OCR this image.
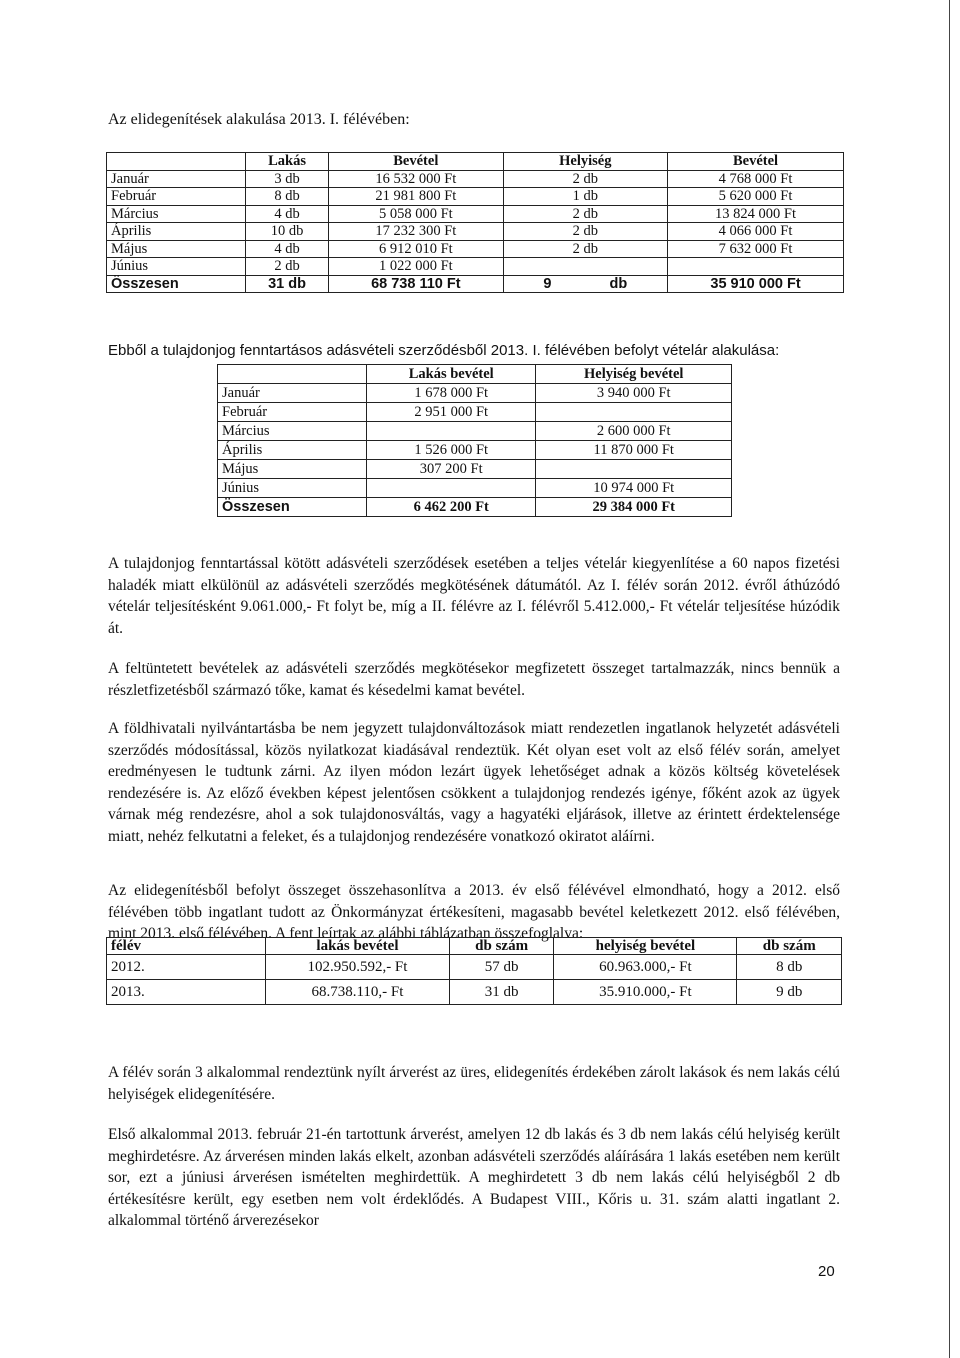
Az elidegenítések alakulása 2013. I. félévében:
	Lakás	Bevétel	Helyiség	Bevétel
Január	3 db	16 532 000 Ft	2 db	4 768 000 Ft
Február	8 db	21 981 800 Ft	1 db	5 620 000 Ft
Március	4 db	5 058 000 Ft	2 db	13 824 000 Ft
Április	10 db	17 232 300 Ft	2 db	4 066 000 Ft
Május	4 db	6 912 010 Ft	2 db	7 632 000 Ft
Június	2 db	1 022 000 Ft		
Összesen	31 db	68 738 110 Ft	9 db	35 910 000 Ft
Ebből a tulajdonjog fenntartásos adásvételi szerződésből 2013. I. félévében befolyt vételár alakulása:
	Lakás bevétel	Helyiség bevétel
Január	1 678 000 Ft	3 940 000 Ft
Február	2 951 000 Ft	
Március		2 600 000 Ft
Április	1 526 000 Ft	11 870 000 Ft
Május	307 200 Ft	
Június		10 974 000 Ft
Összesen	6 462 200 Ft	29 384 000 Ft
A tulajdonjog fenntartással kötött adásvételi szerződések esetében a teljes vételár kiegyenlítése a 60 napos fizetési haladék miatt elkülönül az adásvételi szerződés megkötésének dátumától. Az I. félév során 2012. évről áthúzódó vételár teljesítésként 9.061.000,- Ft folyt be, míg a II. félévre az I. félévről 5.412.000,- Ft vételár teljesítése húzódik át.
A feltüntetett bevételek az adásvételi szerződés megkötésekor megfizetett összeget tartalmazzák, nincs bennük a részletfizetésből származó tőke, kamat és késedelmi kamat bevétel.
A földhivatali nyilvántartásba be nem jegyzett tulajdonváltozások miatt rendezetlen ingatlanok helyzetét adásvételi szerződés módosítással, közös nyilatkozat kiadásával rendeztük. Két olyan eset volt az első félév során, amelyet eredményesen le tudtunk zárni. Az ilyen módon lezárt ügyek lehetőséget adnak a közös költség követelések rendezésére is. Az előző években képest jelentősen csökkent a tulajdonjog rendezés igénye, főként azok az ügyek várnak még rendezésre, ahol a sok tulajdonosváltás, vagy a hagyatéki eljárások, illetve az érintett érdektelensége miatt, nehéz felkutatni a feleket, és a tulajdonjog rendezésére vonatkozó okiratot aláírni.
Az elidegenítésből befolyt összeget összehasonlítva a 2013. év első félévével elmondható, hogy a 2012. első félévében több ingatlant tudott az Önkormányzat értékesíteni, magasabb bevétel keletkezett 2012. első félévében, mint 2013. első félévében. A fent leírtak az alábbi táblázatban összefoglalva:
félév	lakás bevétel	db szám	helyiség bevétel	db szám
2012.	102.950.592,- Ft	57 db	60.963.000,- Ft	8 db
2013.	68.738.110,- Ft	31 db	35.910.000,- Ft	9 db
A félév során 3 alkalommal rendeztünk nyílt árverést az üres, elidegenítés érdekében zárolt lakások és nem lakás célú helyiségek elidegenítésére.
Első alkalommal 2013. február 21-én tartottunk árverést, amelyen 12 db lakás és 3 db nem lakás célú helyiség került meghirdetésre. Az árverésen minden lakás elkelt, azonban adásvételi szerződés aláírására 1 lakás esetében nem került sor, ezt a júniusi árverésen ismételten meghirdettük. A meghirdetett 3 db nem lakás célú helyiségből 2 db értékesítésre került, egy esetben nem volt érdeklődés. A Budapest VIII., Kőris u. 31. szám alatti ingatlant 2. alkalommal történő árverezésekor
20
